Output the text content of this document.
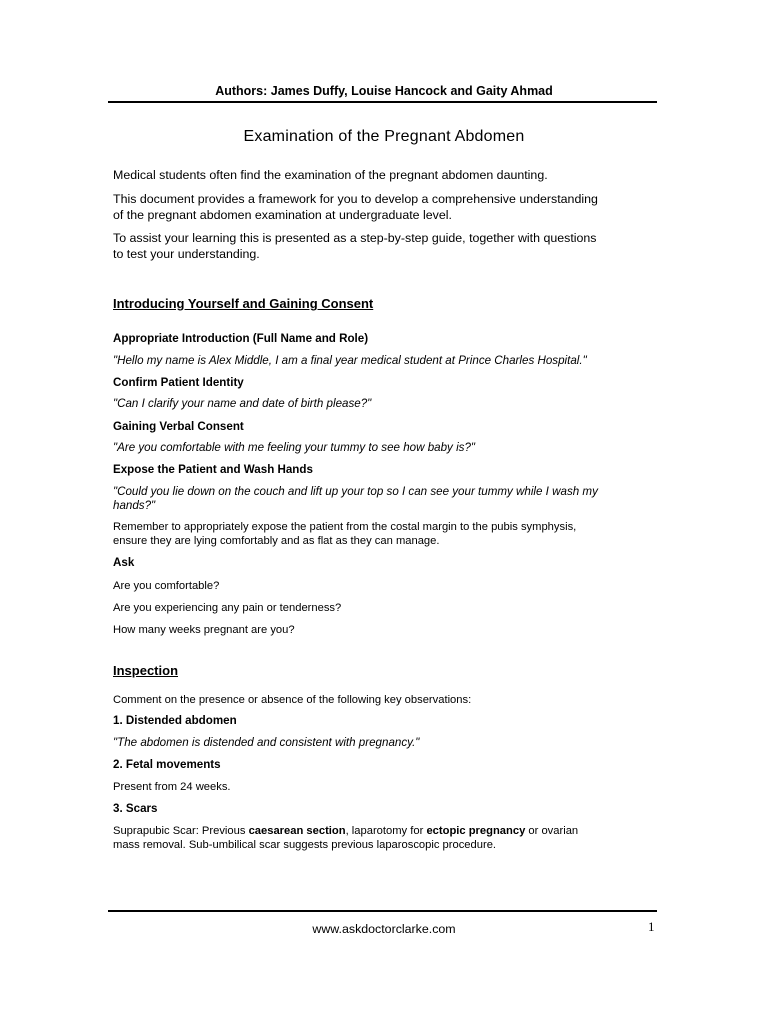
Authors: James Duffy, Louise Hancock and Gaity Ahmad
Examination of the Pregnant Abdomen
Medical students often find the examination of the pregnant abdomen daunting.
This document provides a framework for you to develop a comprehensive understanding
of the pregnant abdomen examination at undergraduate level.
To assist your learning this is presented as a step-by-step guide, together with questions
to test your understanding.
Introducing Yourself and Gaining Consent
Appropriate Introduction (Full Name and Role)
"Hello my name is Alex Middle, I am a final year medical student at Prince Charles Hospital."
Confirm Patient Identity
"Can I clarify your name and date of birth please?"
Gaining Verbal Consent
"Are you comfortable with me feeling your tummy to see how baby is?"
Expose the Patient and Wash Hands
"Could you lie down on the couch and lift up your top so I can see your tummy while I wash my
hands?"
Remember to appropriately expose the patient from the costal margin to the pubis symphysis,
ensure they are lying comfortably and as flat as they can manage.
Ask
Are you comfortable?
Are you experiencing any pain or tenderness?
How many weeks pregnant are you?
Inspection
Comment on the presence or absence of the following key observations:
1. Distended abdomen
"The abdomen is distended and consistent with pregnancy."
2. Fetal movements
Present from 24 weeks.
3. Scars
Suprapubic Scar: Previous caesarean section, laparotomy for ectopic pregnancy or ovarian
mass removal. Sub-umbilical scar suggests previous laparoscopic procedure.
www.askdoctorclarke.com	1
